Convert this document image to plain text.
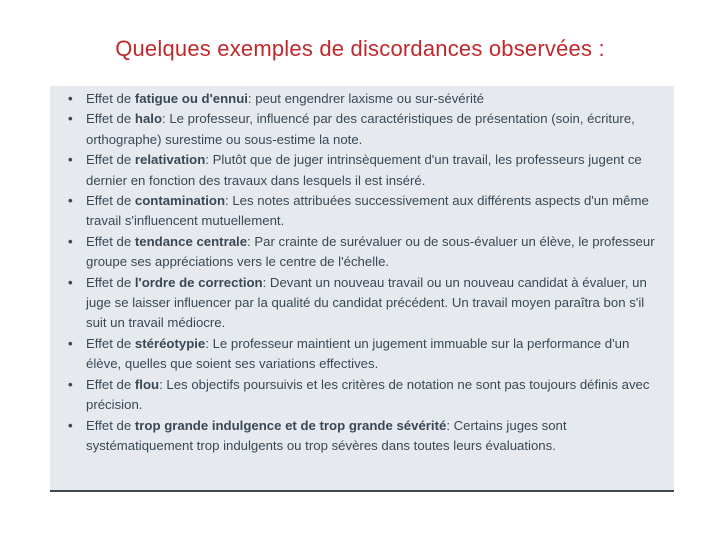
Quelques exemples de discordances observées :
• Effet de fatigue ou d'ennui: peut engendrer laxisme ou sur-sévérité
• Effet de halo: Le professeur, influencé par des caractéristiques de présentation (soin, écriture, orthographe) surestime ou sous-estime la note.
• Effet de relativation: Plutôt que de juger intrinsèquement d'un travail, les professeurs jugent ce dernier en fonction des travaux dans lesquels il est inséré.
• Effet de contamination: Les notes attribuées successivement aux différents aspects d'un même travail s'influencent mutuellement.
• Effet de tendance centrale: Par crainte de surévaluer ou de sous-évaluer un élève, le professeur groupe ses appréciations vers le centre de l'échelle.
• Effet de l'ordre de correction: Devant un nouveau travail ou un nouveau candidat à évaluer, un juge se laisser influencer par la qualité du candidat précédent. Un travail moyen paraîtra bon s'il suit un travail médiocre.
• Effet de stéréotypie: Le professeur maintient un jugement immuable sur la performance d'un élève, quelles que soient ses variations effectives.
• Effet de flou: Les objectifs poursuivis et les critères de notation ne sont pas toujours définis avec précision.
• Effet de trop grande indulgence et de trop grande sévérité: Certains juges sont systématiquement trop indulgents ou trop sévères dans toutes leurs évaluations.
